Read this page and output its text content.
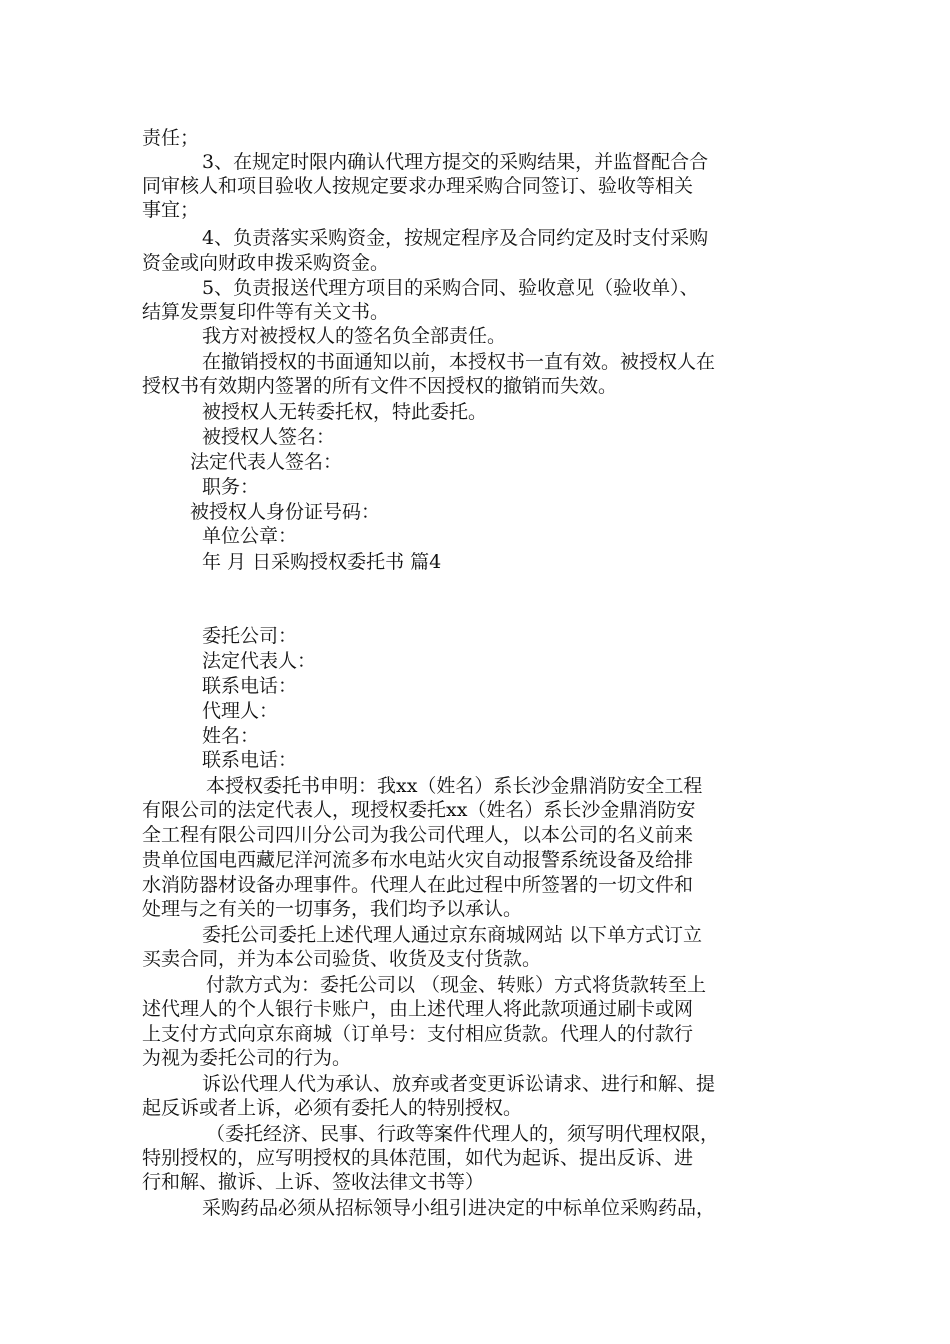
责任；
3、在规定时限内确认代理方提交的采购结果，并监督配合合
同审核人和项目验收人按规定要求办理采购合同签订、验收等相关
事宜；
4、负责落实采购资金，按规定程序及合同约定及时支付采购
资金或向财政申拨采购资金。
5、负责报送代理方项目的采购合同、验收意见（验收单）、
结算发票复印件等有关文书。
我方对被授权人的签名负全部责任。
在撤销授权的书面通知以前，本授权书一直有效。被授权人在
授权书有效期内签署的所有文件不因授权的撤销而失效。
被授权人无转委托权，特此委托。
被授权人签名：
法定代表人签名：
职务：
被授权人身份证号码：
单位公章：
年 月 日采购授权委托书 篇4
委托公司：
法定代表人：
联系电话：
代理人：
姓名：
联系电话：
本授权委托书申明：我xx（姓名）系长沙金鼎消防安全工程
有限公司的法定代表人，现授权委托xx（姓名）系长沙金鼎消防安
全工程有限公司四川分公司为我公司代理人，以本公司的名义前来
贵单位国电西藏尼洋河流多布水电站火灾自动报警系统设备及给排
水消防器材设备办理事件。代理人在此过程中所签署的一切文件和
处理与之有关的一切事务，我们均予以承认。
委托公司委托上述代理人通过京东商城网站 以下单方式订立
买卖合同，并为本公司验货、收货及支付货款。
付款方式为：委托公司以 （现金、转账）方式将货款转至上
述代理人的个人银行卡账户，由上述代理人将此款项通过刷卡或网
上支付方式向京东商城（订单号：支付相应货款。代理人的付款行
为视为委托公司的行为。
诉讼代理人代为承认、放弃或者变更诉讼请求、进行和解、提
起反诉或者上诉，必须有委托人的特别授权。
（委托经济、民事、行政等案件代理人的，须写明代理权限，
特别授权的，应写明授权的具体范围，如代为起诉、提出反诉、进
行和解、撤诉、上诉、签收法律文书等）
采购药品必须从招标领导小组引进决定的中标单位采购药品，
